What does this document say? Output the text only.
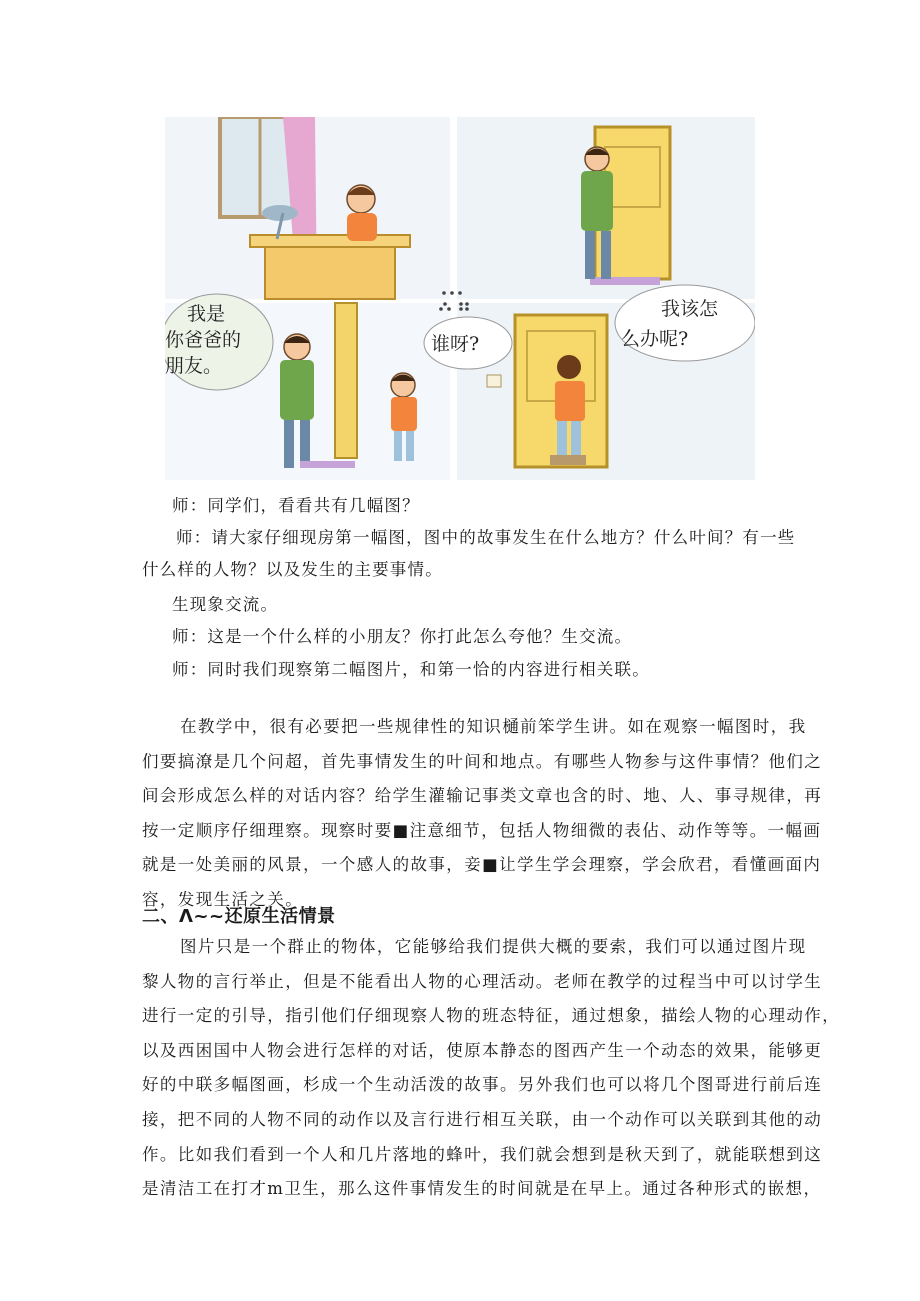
我是
你爸爸的
朋友。
谁呀?
我该怎
么办呢?
师：同学们，看看共有几幅图？
师：请大家仔细现房第一幅图，图中的故事发生在什么地方？什么叶间？有一些
什么样的人物？以及发生的主要事情。
生现象交流。
师：这是一个什么样的小朋友？你打此怎么夸他？生交流。
师：同时我们现察第二幅图片，和第一恰的内容进行相关联。

在教学中，很有必要把一些规律性的知识樋前笨学生讲。如在观察一幅图时，我

们要搞潦是几个问超，首先事情发生的叶间和地点。有哪些人物参与这件事情？他们之

间会形成怎么样的对话内容？给学生灌输记事类文章也含的时、地、人、事寻规律，再

按一定顺序仔细理察。现察时要■注意细节，包括人物细微的表佔、动作等等。一幅画

就是一处美丽的风景，一个感人的故事，妾■让学生学会理察，学会欣君，看懂画面内

容，发现生活之关。

二、Λ~~还原生活情景

图片只是一个群止的物体，它能够给我们提供大概的要索，我们可以通过图片现

黎人物的言行举止，但是不能看出人物的心理活动。老师在教学的过程当中可以讨学生

进行一定的引导，指引他们仔细现察人物的班态特征，通过想象，描绘人物的心理动作，

以及西困国中人物会进行怎样的对话，使原本静态的图西产生一个动态的效果，能够更

好的中联多幅图画，杉成一个生动活泼的故事。另外我们也可以将几个图哥进行前后连

接，把不同的人物不同的动作以及言行进行相互关联，由一个动作可以关联到其他的动

作。比如我们看到一个人和几片落地的蜂叶，我们就会想到是秋天到了，就能联想到这

是清洁工在打才m卫生，那么这件事情发生的时间就是在早上。通过各种形式的嵌想，
